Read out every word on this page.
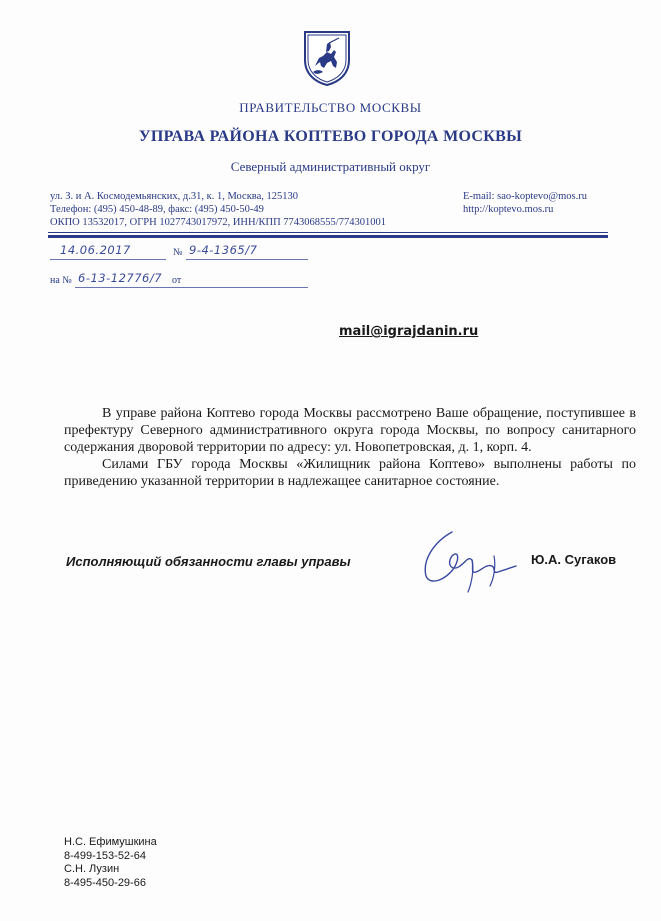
ПРАВИТЕЛЬСТВО МОСКВЫ
УПРАВА РАЙОНА КОПТЕВО ГОРОДА МОСКВЫ
Северный административный округ
ул. З. и А. Космодемьянских, д.31, к. 1, Москва, 125130
Телефон: (495) 450-48-89, факс: (495) 450-50-49
ОКПО 13532017, ОГРН 1027743017972, ИНН/КПП 7743068555/774301001
E-mail: sao-koptevo@mos.ru
http://koptevo.mos.ru
14.06.2017	№ 9-4-1365/7
на № 6-13-12776/7 от
mail@igrajdanin.ru

В управе района Коптево города Москвы рассмотрено Ваше обращение, поступившее в префектуру Северного административного округа города Москвы, по вопросу санитарного содержания дворовой территории по адресу: ул. Новопетровская, д. 1, корп. 4.

Силами ГБУ города Москвы «Жилищник района Коптево» выполнены работы по приведению указанной территории в надлежащее санитарное состояние.

Исполняющий обязанности главы управы	Ю.А. Сугаков
Н.С. Ефимушкина
8-499-153-52-64
С.Н. Лузин
8-495-450-29-66
